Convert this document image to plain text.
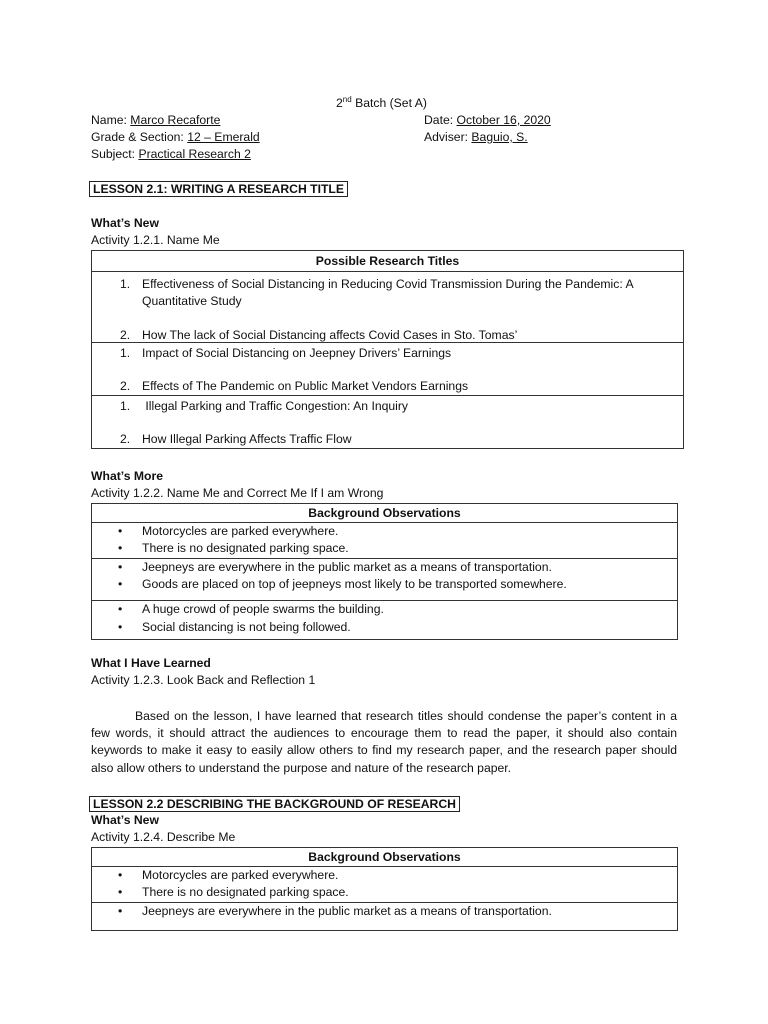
2nd Batch (Set A)
Name: Marco Recaforte	Date: October 16, 2020
Grade & Section: 12 – Emerald	Adviser: Baguio, S.
Subject: Practical Research 2
LESSON 2.1: WRITING A RESEARCH TITLE
What’s New
Activity 1.2.1. Name Me
Possible Research Titles

1. Effectiveness of Social Distancing in Reducing Covid Transmission During the Pandemic: A
Quantitative Study
2. How The lack of Social Distancing affects Covid Cases in Sto. Tomas’

1. Impact of Social Distancing on Jeepney Drivers’ Earnings
2. Effects of The Pandemic on Public Market Vendors Earnings

1. Illegal Parking and Traffic Congestion: An Inquiry
2. How Illegal Parking Affects Traffic Flow
What’s More
Activity 1.2.2. Name Me and Correct Me If I am Wrong
Background Observations

• Motorcycles are parked everywhere.
• There is no designated parking space.

• Jeepneys are everywhere in the public market as a means of transportation.
• Goods are placed on top of jeepneys most likely to be transported somewhere.

• A huge crowd of people swarms the building.
• Social distancing is not being followed.
What I Have Learned
Activity 1.2.3. Look Back and Reflection 1
Based on the lesson, I have learned that research titles should condense the paper’s content in a few words, it should attract the audiences to encourage them to read the paper, it should also contain keywords to make it easy to easily allow others to find my research paper, and the research paper should also allow others to understand the purpose and nature of the research paper.
LESSON 2.2 DESCRIBING THE BACKGROUND OF RESEARCH
What’s New
Activity 1.2.4. Describe Me
Background Observations

• Motorcycles are parked everywhere.
• There is no designated parking space.

• Jeepneys are everywhere in the public market as a means of transportation.
